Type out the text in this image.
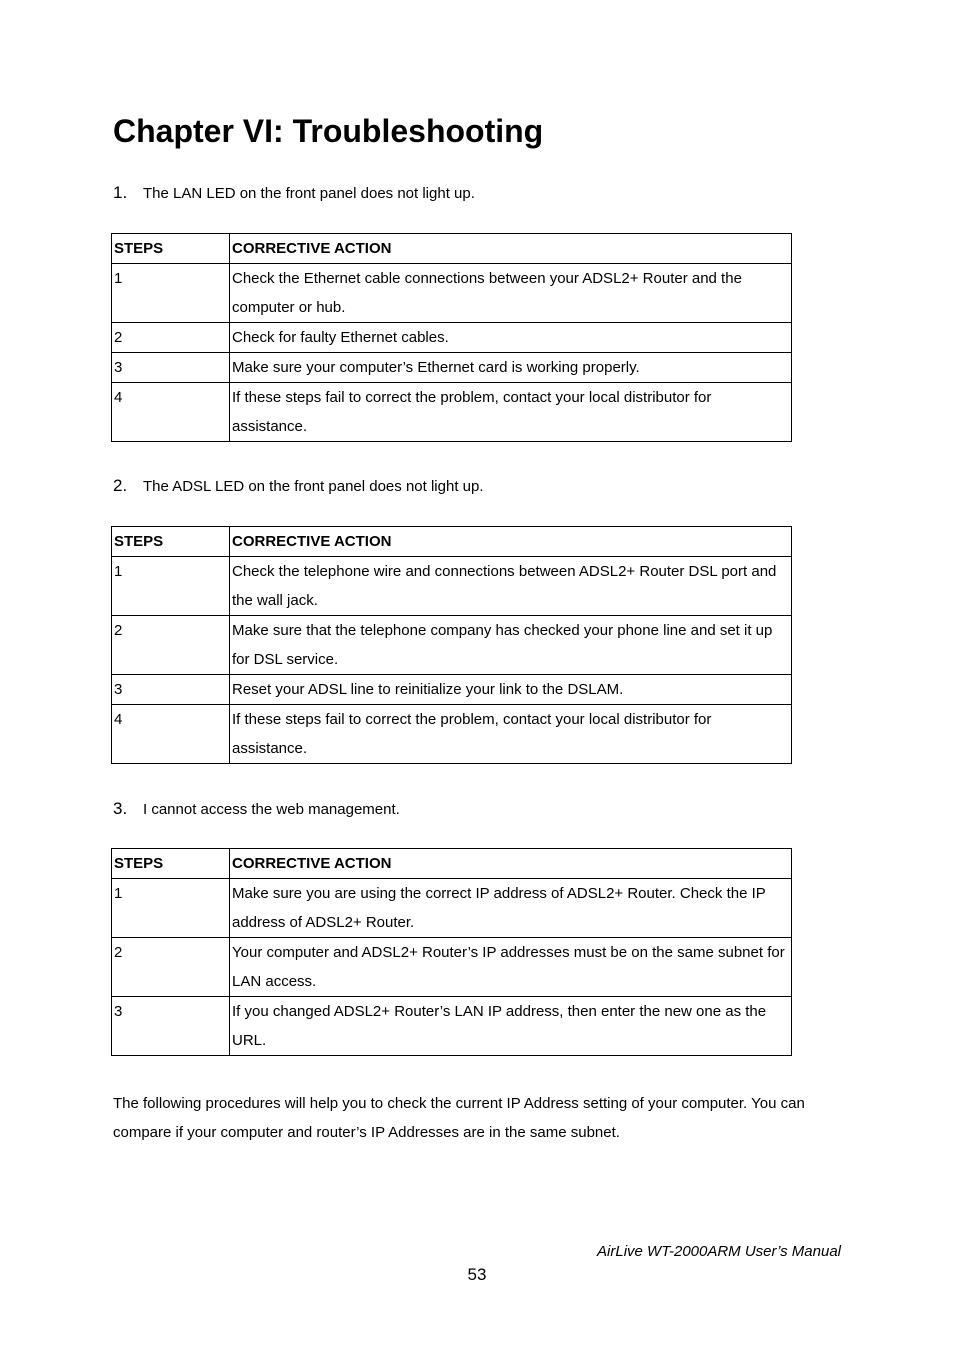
Chapter VI: Troubleshooting
1. The LAN LED on the front panel does not light up.
STEPS	CORRECTIVE ACTION
1	Check the Ethernet cable connections between your ADSL2+ Router and the computer or hub.
2	Check for faulty Ethernet cables.
3	Make sure your computer’s Ethernet card is working properly.
4	If these steps fail to correct the problem, contact your local distributor for assistance.
2. The ADSL LED on the front panel does not light up.
STEPS	CORRECTIVE ACTION
1	Check the telephone wire and connections between ADSL2+ Router DSL port and the wall jack.
2	Make sure that the telephone company has checked your phone line and set it up for DSL service.
3	Reset your ADSL line to reinitialize your link to the DSLAM.
4	If these steps fail to correct the problem, contact your local distributor for assistance.
3. I cannot access the web management.
STEPS	CORRECTIVE ACTION
1	Make sure you are using the correct IP address of ADSL2+ Router. Check the IP address of ADSL2+ Router.
2	Your computer and ADSL2+ Router’s IP addresses must be on the same subnet for LAN access.
3	If you changed ADSL2+ Router’s LAN IP address, then enter the new one as the URL.

The following procedures will help you to check the current IP Address setting of your computer. You can compare if your computer and router’s IP Addresses are in the same subnet.

AirLive WT-2000ARM User’s Manual
53
